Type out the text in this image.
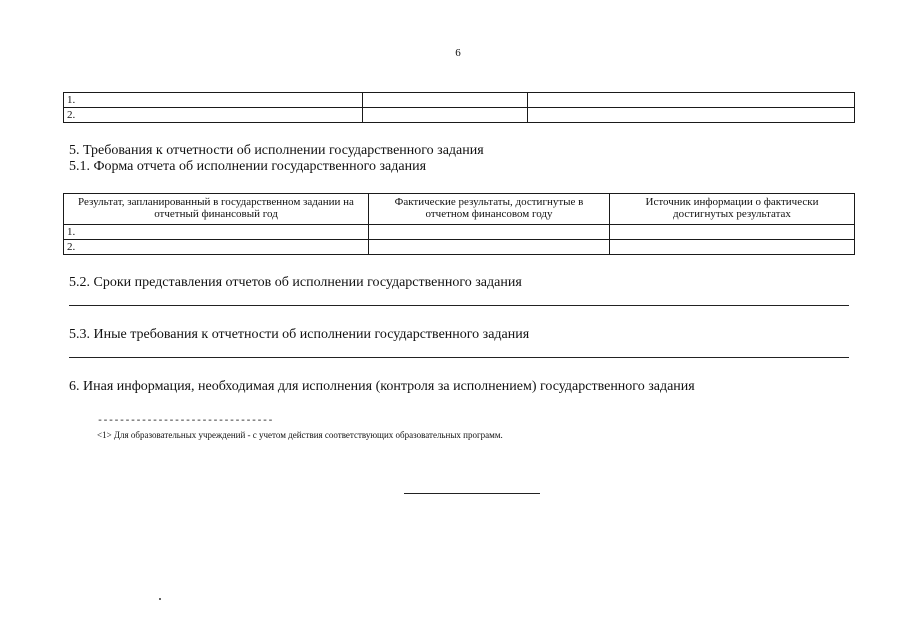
6
1.		
2.		
5. Требования к отчетности об исполнении государственного задания
5.1. Форма отчета об исполнении государственного задания
Результат, запланированный в государственном задании на отчетный финансовый год	Фактические результаты, достигнутые в отчетном финансовом году	Источник информации о фактически достигнутых результатах
1.		
2.		
5.2. Сроки представления отчетов об исполнении государственного задания
5.3. Иные требования к отчетности об исполнении государственного задания
6. Иная информация, необходимая для исполнения (контроля за исполнением) государственного задания
--------------------------------
<1> Для образовательных учреждений - с учетом действия соответствующих образовательных программ.
